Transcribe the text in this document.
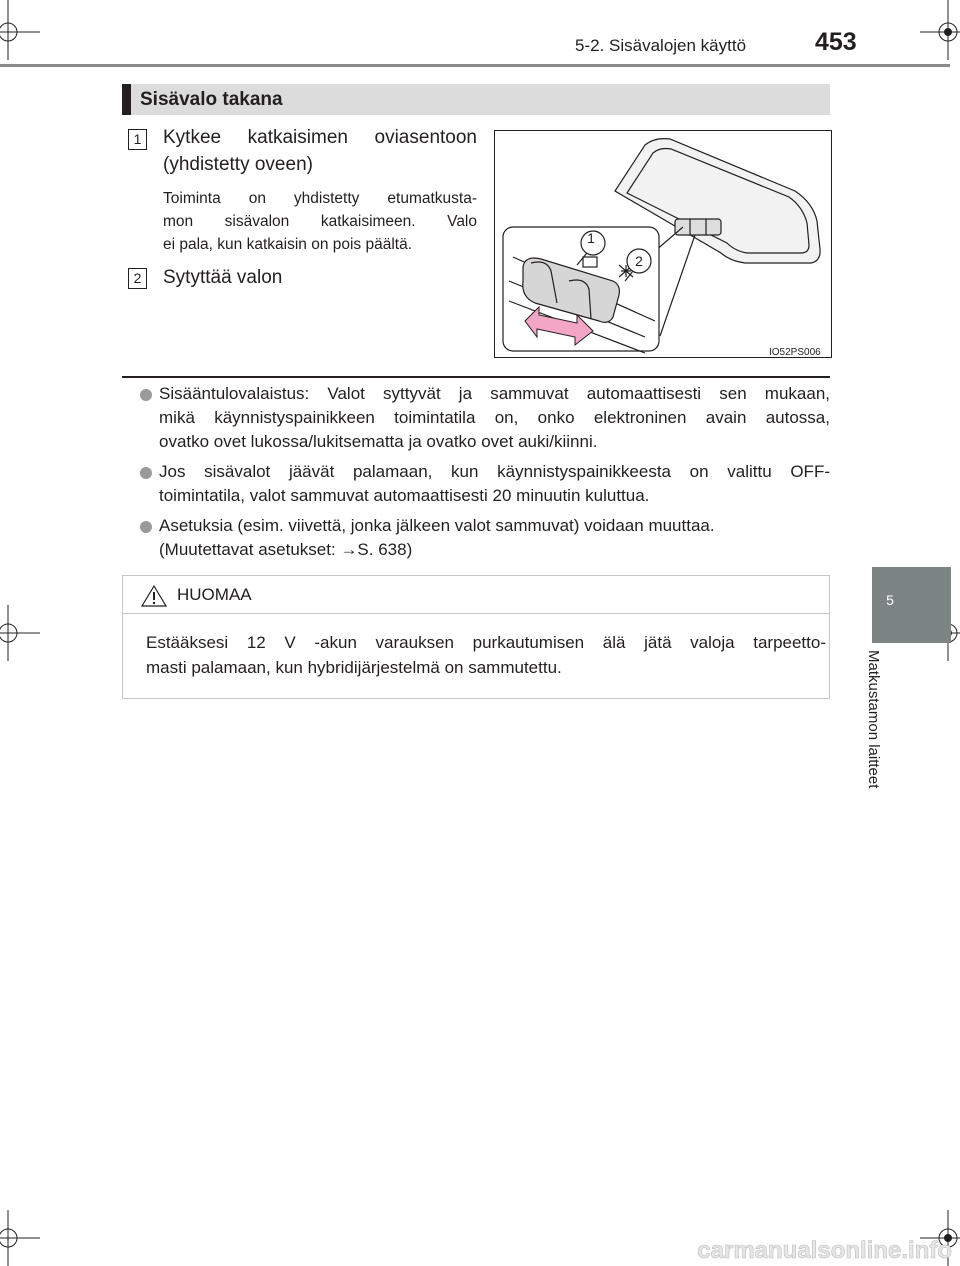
5-2. Sisävalojen käyttö	453
5
Matkustamon laitteet
Sisävalo takana
1 Kytkee katkaisimen oviasentoon
(yhdistetty oveen)
Toiminta on yhdistetty etumatkusta-
mon sisävalon katkaisimeen. Valo
ei pala, kun katkaisin on pois päältä.
2 Sytyttää valon
1
2
IO52PS006
Sisääntulovalaistus: Valot syttyvät ja sammuvat automaattisesti sen mukaan,
mikä käynnistyspainikkeen toimintatila on, onko elektroninen avain autossa,
ovatko ovet lukossa/lukitsematta ja ovatko ovet auki/kiinni.
Jos sisävalot jäävät palamaan, kun käynnistyspainikkeesta on valittu OFF-
toimintatila, valot sammuvat automaattisesti 20 minuutin kuluttua.
Asetuksia (esim. viivettä, jonka jälkeen valot sammuvat) voidaan muuttaa.
(Muutettavat asetukset: →S. 638)
HUOMAA
Estääksesi 12 V -akun varauksen purkautumisen älä jätä valoja tarpeetto-
masti palamaan, kun hybridijärjestelmä on sammutettu.
carmanualsonline.info
